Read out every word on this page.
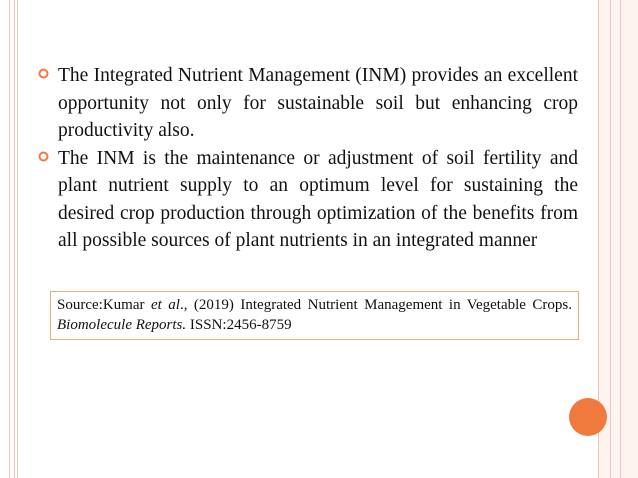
The Integrated Nutrient Management (INM) provides an excellent opportunity not only for sustainable soil but enhancing crop productivity also.
The INM is the maintenance or adjustment of soil fertility and plant nutrient supply to an optimum level for sustaining the desired crop production through optimization of the benefits from all possible sources of plant nutrients in an integrated manner
Source:Kumar et al., (2019) Integrated Nutrient Management in Vegetable Crops. Biomolecule Reports. ISSN:2456-8759
